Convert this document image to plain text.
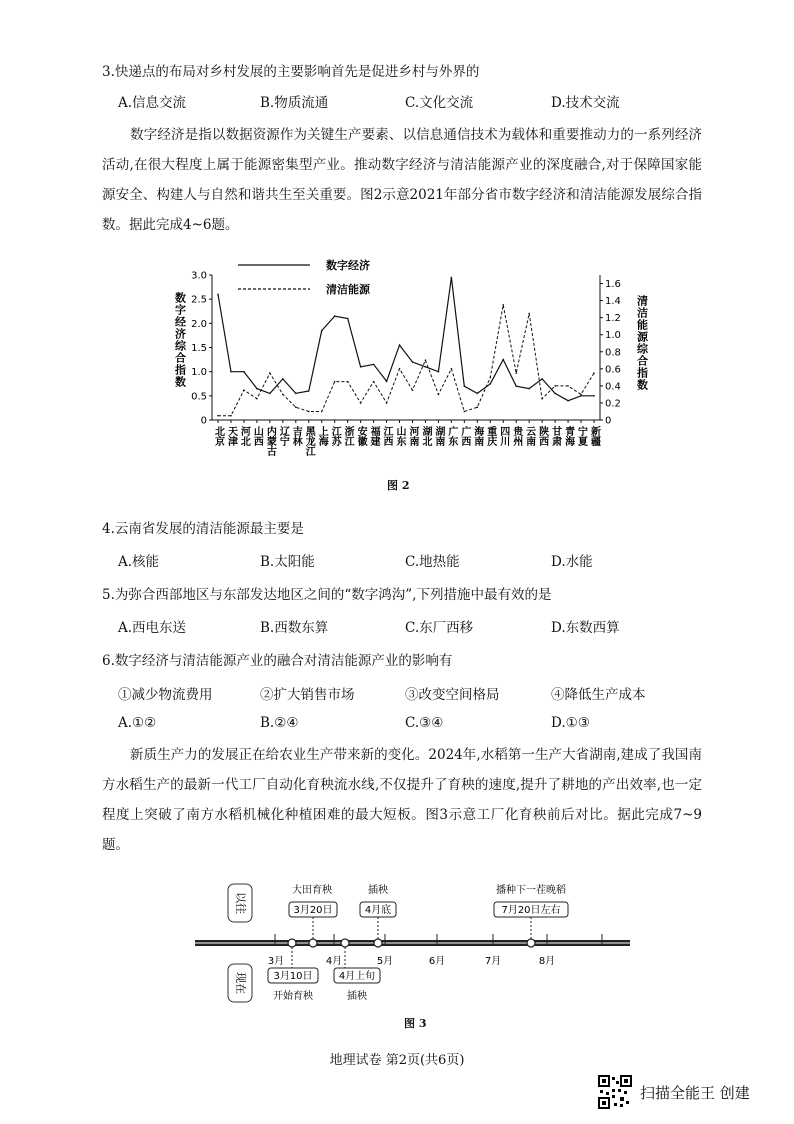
3.快递点的布局对乡村发展的主要影响首先是促进乡村与外界的
A.信息交流	B.物质流通	C.文化交流	D.技术交流
数字经济是指以数据资源作为关键生产要素、以信息通信技术为载体和重要推动力的一系列经济活动,在很大程度上属于能源密集型产业。推动数字经济与清洁能源产业的深度融合,对于保障国家能源安全、构建人与自然和谐共生至关重要。图2示意2021年部分省市数字经济和清洁能源发展综合指数。据此完成4~6题。
0
0.5
1.0
1.5
2.0
2.5
3.0
0
0.2
0.4
0.6
0.8
1.0
1.2
1.4
1.6
数字经济综合指数	清洁能源综合指数
北京 天津 河北 山西 内蒙古 辽宁 吉林 黑龙江 上海 江苏 浙江 安徽 福建 江西 山东 河南 湖北 湖南 广东 广西 海南 重庆 四川 贵州 云南 陕西 甘肃 青海 宁夏 新疆
数字经济
清洁能源
图 2
4.云南省发展的清洁能源最主要是
A.核能	B.太阳能	C.地热能	D.水能
5.为弥合西部地区与东部发达地区之间的“数字鸿沟”,下列措施中最有效的是
A.西电东送	B.西数东算	C.东厂西移	D.东数西算
6.数字经济与清洁能源产业的融合对清洁能源产业的影响有
①减少物流费用	②扩大销售市场	③改变空间格局	④降低生产成本
A.①②	B.②④	C.③④	D.①③
新质生产力的发展正在给农业生产带来新的变化。2024年,水稻第一生产大省湖南,建成了我国南方水稻生产的最新一代工厂自动化育秧流水线,不仅提升了育秧的速度,提升了耕地的产出效率,也一定程度上突破了南方水稻机械化种植困难的最大短板。图3示意工厂化育秧前后对比。据此完成7~9题。
以往
现在
3月	4月	5月	6月	7月	8月
大田育秧
3月20日
插秧
4月底
播种下一茬晚稻
7月20日左右
3月10日
开始育秧
4月上旬
插秧
图 3
地理试卷 第2页(共6页)
扫描全能王 创建
